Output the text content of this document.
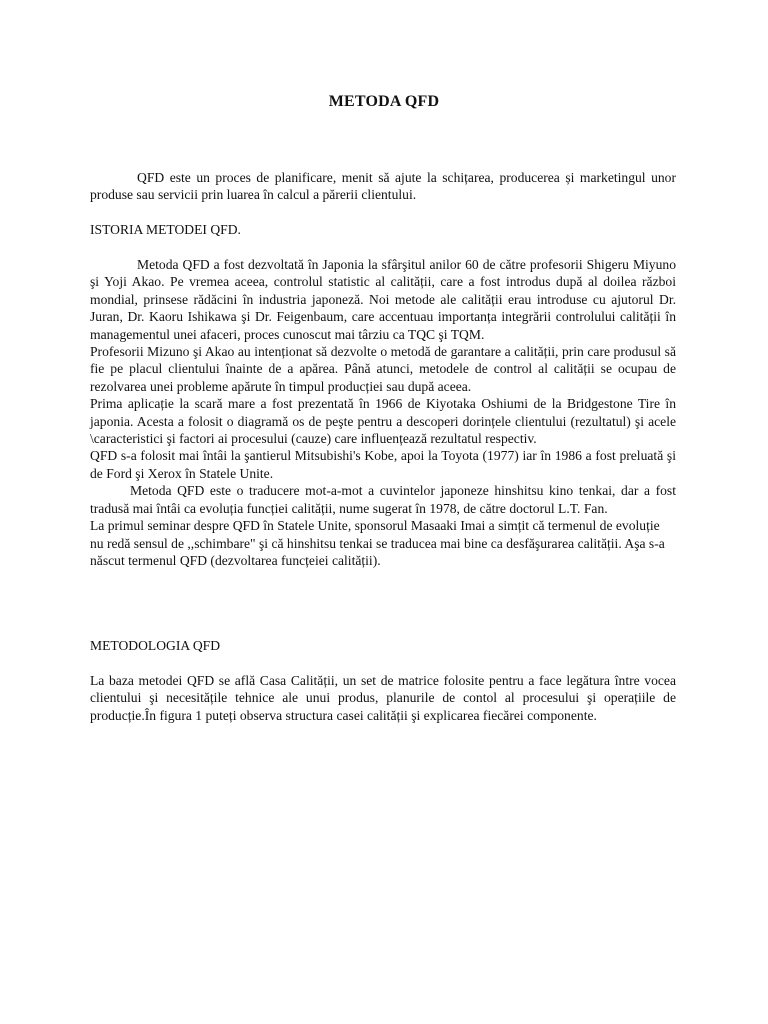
METODA QFD

QFD este un proces de planificare, menit să ajute la schițarea, producerea și marketingul unor produse sau servicii prin luarea în calcul a părerii clientului.

ISTORIA METODEI QFD.

Metoda QFD a fost dezvoltată în Japonia la sfârşitul anilor 60 de către profesorii Shigeru Miyuno şi Yoji Akao. Pe vremea aceea, controlul statistic al calității, care a fost introdus după al doilea război mondial, prinsese rădăcini în industria japoneză. Noi metode ale calității erau introduse cu ajutorul Dr. Juran, Dr. Kaoru Ishikawa şi Dr. Feigenbaum, care accentuau importanța integrării controlului calității în managementul unei afaceri, proces cunoscut mai târziu ca TQC şi TQM.

Profesorii Mizuno şi Akao au intenționat să dezvolte o metodă de garantare a calității, prin care produsul să fie pe placul clientului înainte de a apărea. Până atunci, metodele de control al calității se ocupau de rezolvarea unei probleme apărute în timpul producției sau după aceea.

Prima aplicație la scară mare a fost prezentată în 1966 de Kiyotaka Oshiumi de la Bridgestone Tire în japonia. Acesta a folosit o diagramă os de peşte pentru a descoperi dorințele clientului (rezultatul) şi acele \caracteristici şi factori ai procesului (cauze) care influențează rezultatul respectiv.

QFD s-a folosit mai întâi la şantierul Mitsubishi's Kobe, apoi la Toyota (1977) iar în 1986 a fost preluată şi de Ford şi Xerox în Statele Unite.

Metoda QFD este o traducere mot-a-mot a cuvintelor japoneze hinshitsu kino tenkai, dar a fost tradusă mai întâi ca evoluția funcției calității, nume sugerat în 1978, de către doctorul L.T. Fan.

La primul seminar despre QFD în Statele Unite, sponsorul Masaaki Imai a simțit că termenul de evoluție nu redă sensul de ,,schimbare" şi că hinshitsu tenkai se traducea mai bine ca desfăşurarea calității. Aşa s-a născut termenul QFD (dezvoltarea funcțeiei calității).

METODOLOGIA QFD

La baza metodei QFD se află Casa Calității, un set de matrice folosite pentru a face legătura între vocea clientului şi necesitățile tehnice ale unui produs, planurile de contol al procesului şi operațiile de producție.În figura 1 puteți observa structura casei calității şi explicarea fiecărei componente.
